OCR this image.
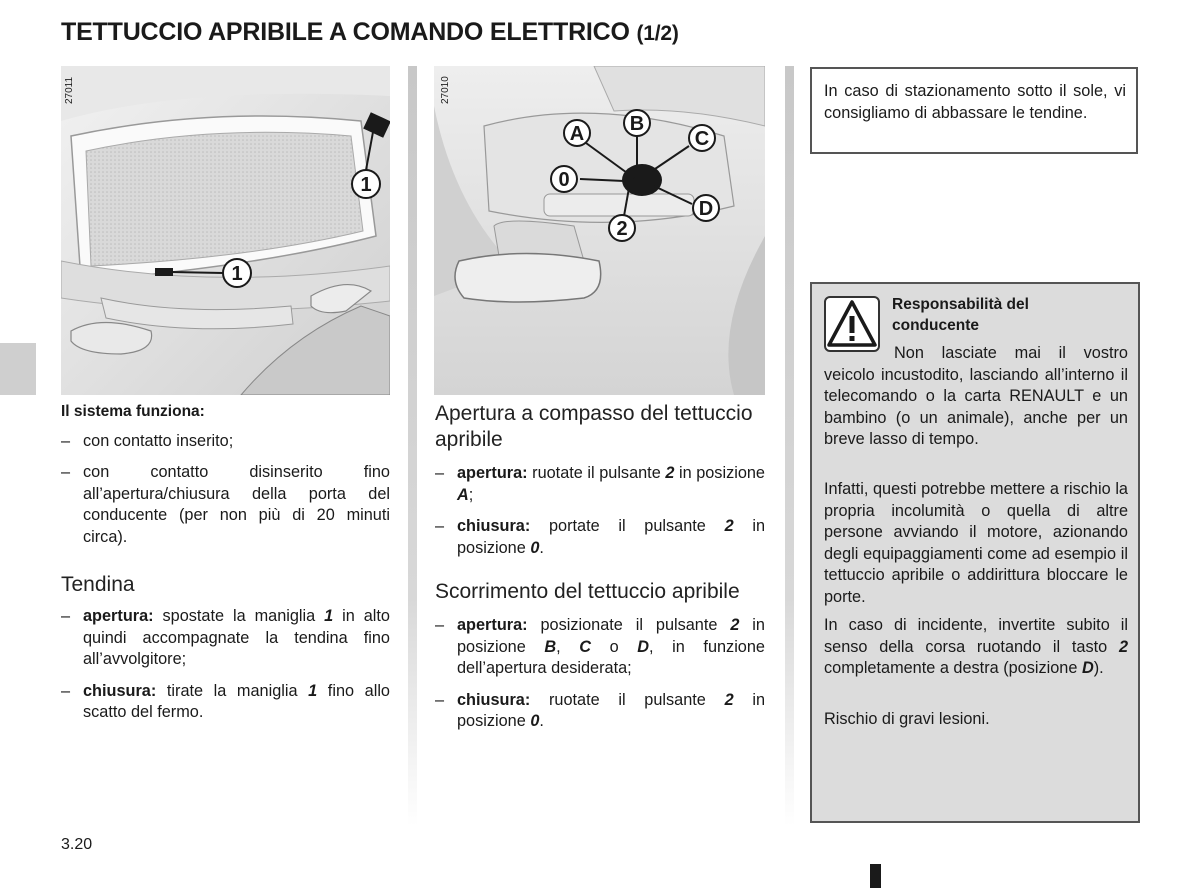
TETTUCCIO APRIBILE A COMANDO ELETTRICO (1/2)
1
1
27011
A B
C
0
D
2
27010
Il sistema funziona:
– con contatto inserito;
– con contatto disinserito fino all’apertura/chiusura della porta del conducente (per non più di 20 minuti circa).
Tendina
– apertura: spostate la maniglia 1 in alto quindi accompagnate la tendina fino all’avvolgitore;
– chiusura: tirate la maniglia 1 fino allo scatto del fermo.
Apertura a compasso del tettuccio apribile
– apertura: ruotate il pulsante 2 in posizione A;
– chiusura: portate il pulsante 2 in posizione 0.
Scorrimento del tettuccio apribile
– apertura: posizionate il pulsante 2 in posizione B, C o D, in funzione dell’apertura desiderata;
– chiusura: ruotate il pulsante 2 in posizione 0.
In caso di stazionamento sotto il sole, vi consigliamo di abbassare le tendine.
Responsabilità del conducente
Non lasciate mai il vostro veicolo incustodito, lasciando all’interno il telecomando o la carta RENAULT e un bambino (o un animale), anche per un breve lasso di tempo.
Infatti, questi potrebbe mettere a rischio la propria incolumità o quella di altre persone avviando il motore, azionando degli equipaggiamenti come ad esempio il tettuccio apribile o addirittura bloccare le porte.
In caso di incidente, invertite subito il senso della corsa ruotando il tasto 2 completamente a destra (posizione D).
Rischio di gravi lesioni.
3.20
